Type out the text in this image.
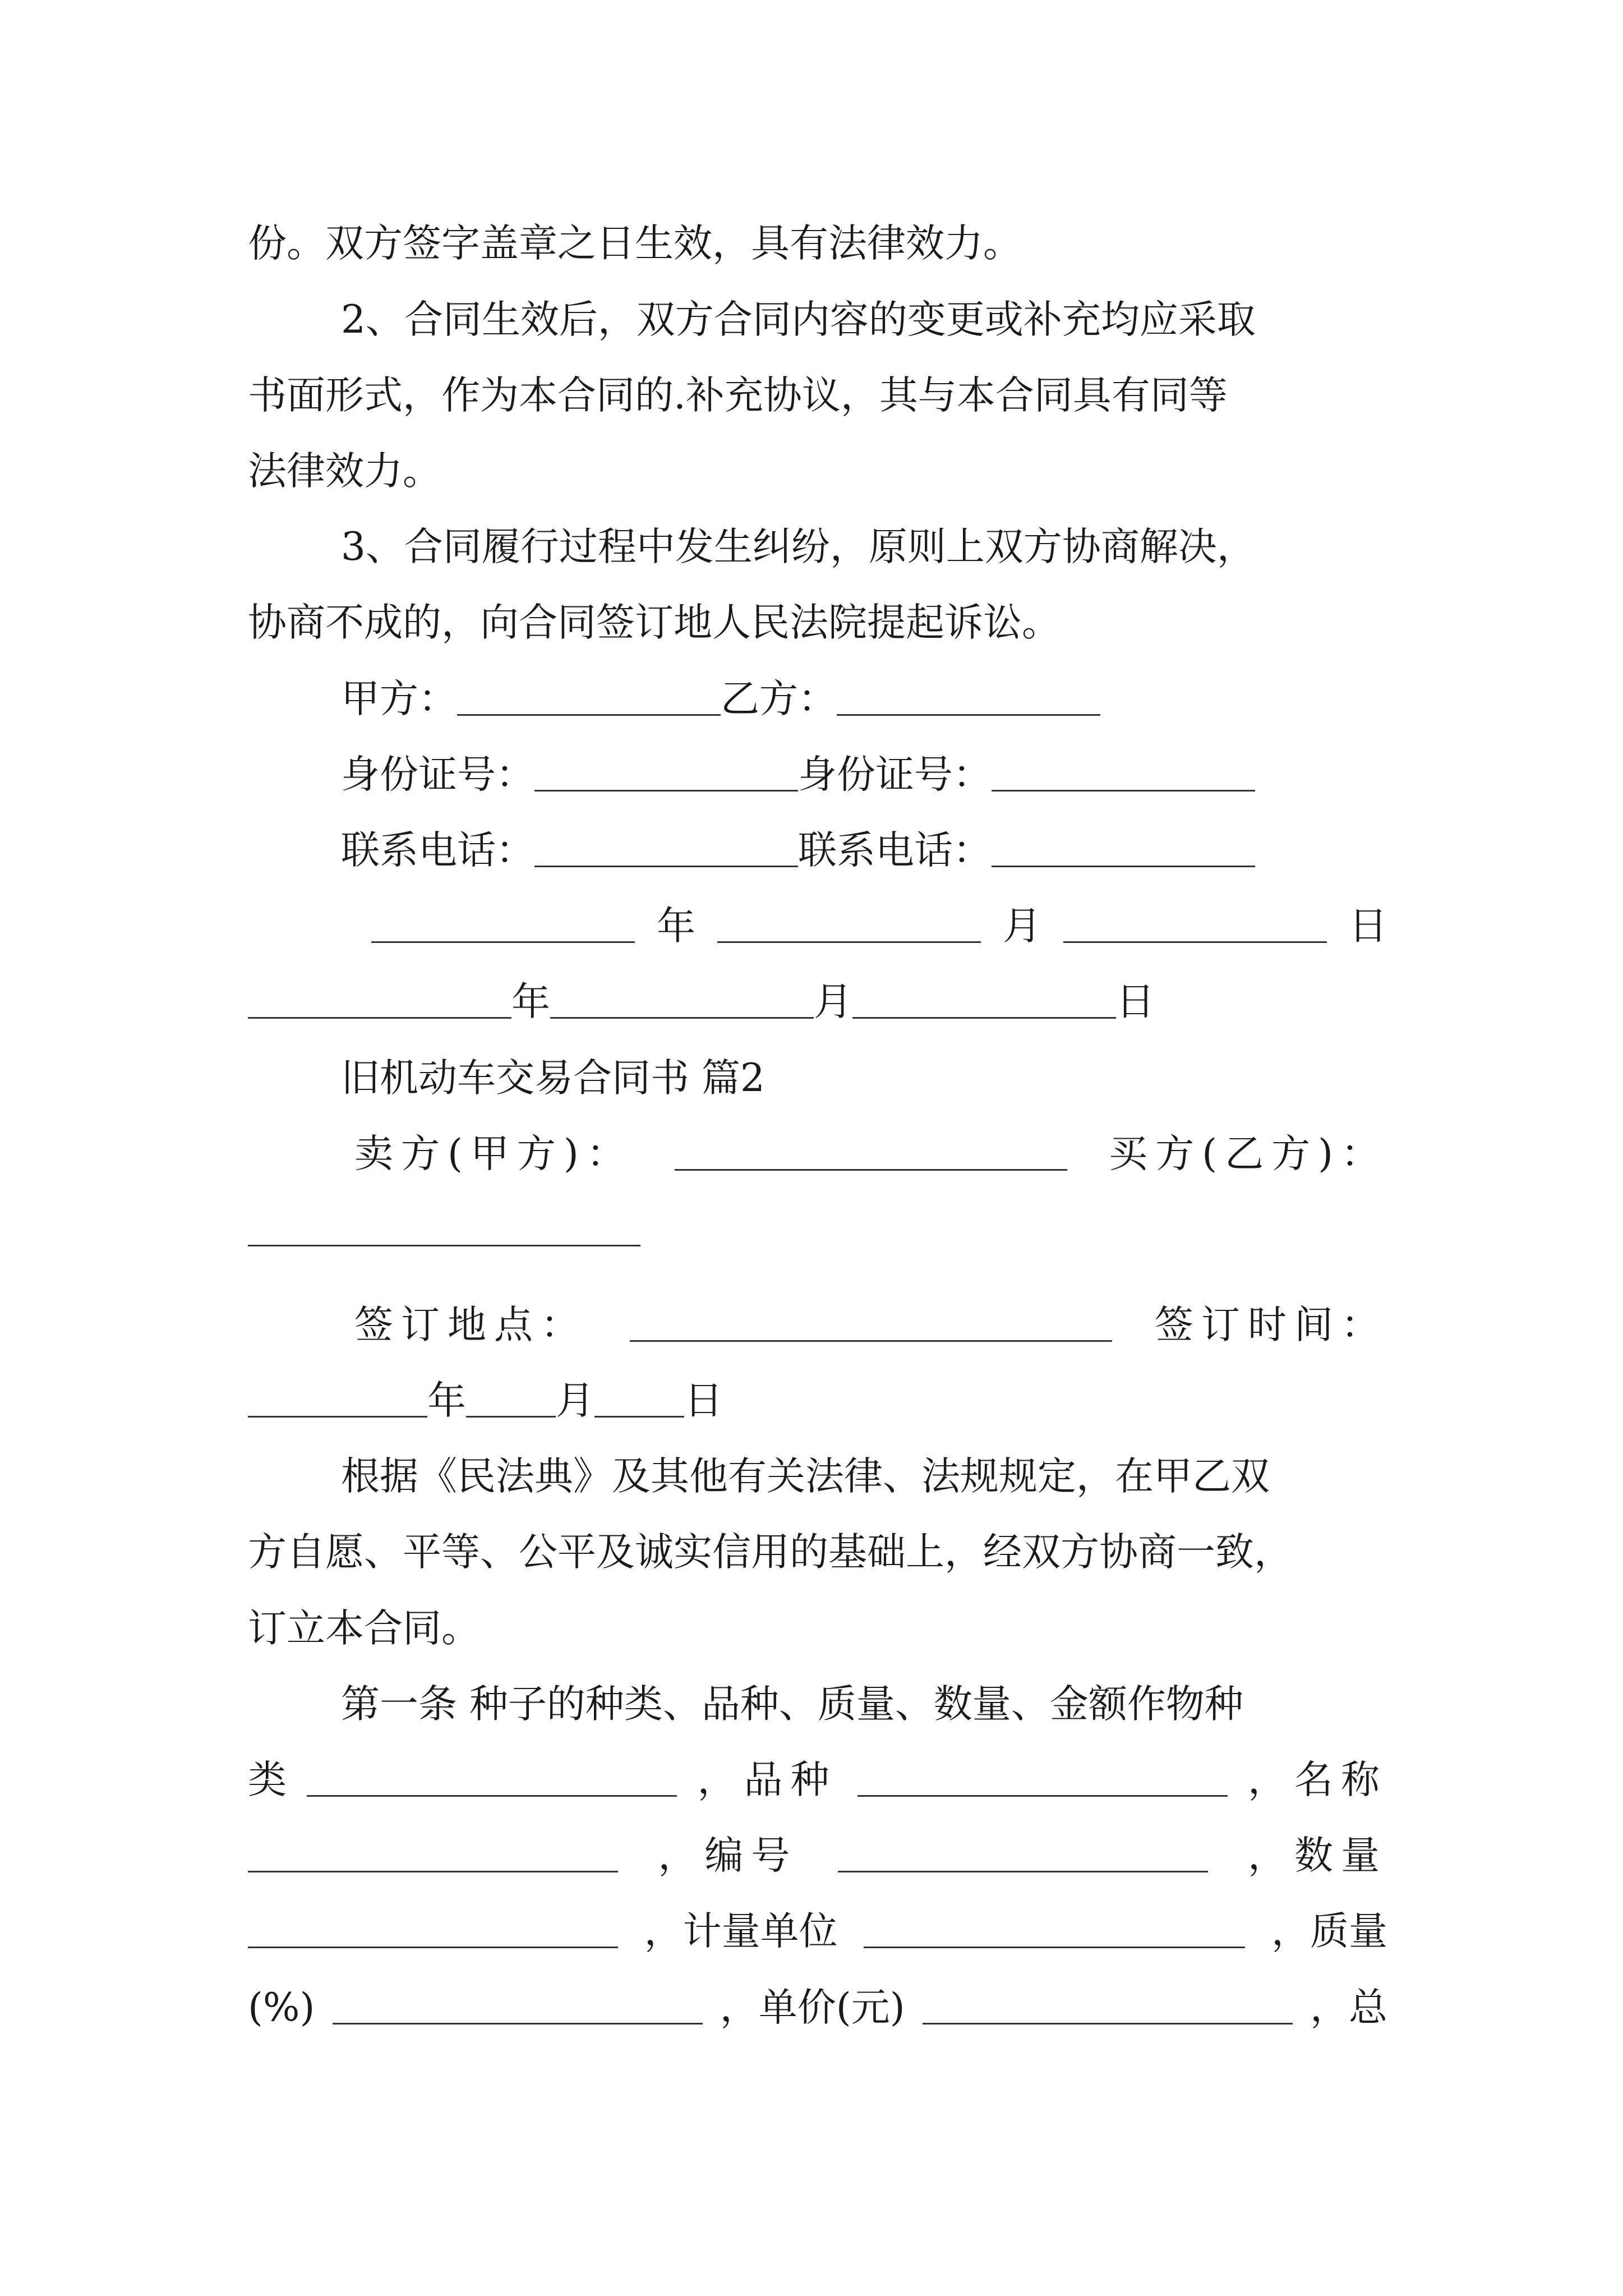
份。双方签字盖章之日生效，具有法律效力。
2、合同生效后，双方合同内容的变更或补充均应采取
书面形式，作为本合同的.补充协议，其与本合同具有同等
法律效力。
3、合同履行过程中发生纠纷，原则上双方协商解决，
协商不成的，向合同签订地人民法院提起诉讼。
甲方：	乙方：
身份证号：	身份证号：
联系电话：	联系电话：
年	月	日
年	月	日
旧机动车交易合同书 篇2
卖方(甲方)：	买方(乙方)：
签订地点：	签订时间：
年 月 日
根据《民法典》及其他有关法律、法规规定，在甲乙双
方自愿、平等、公平及诚实信用的基础上，经双方协商一致，
订立本合同。
第一条 种子的种类、品种、质量、数量、金额作物种
类	，品种	，名称
，编号	，数量
，计量单位	，质量
(%)	，单价(元)	，总
